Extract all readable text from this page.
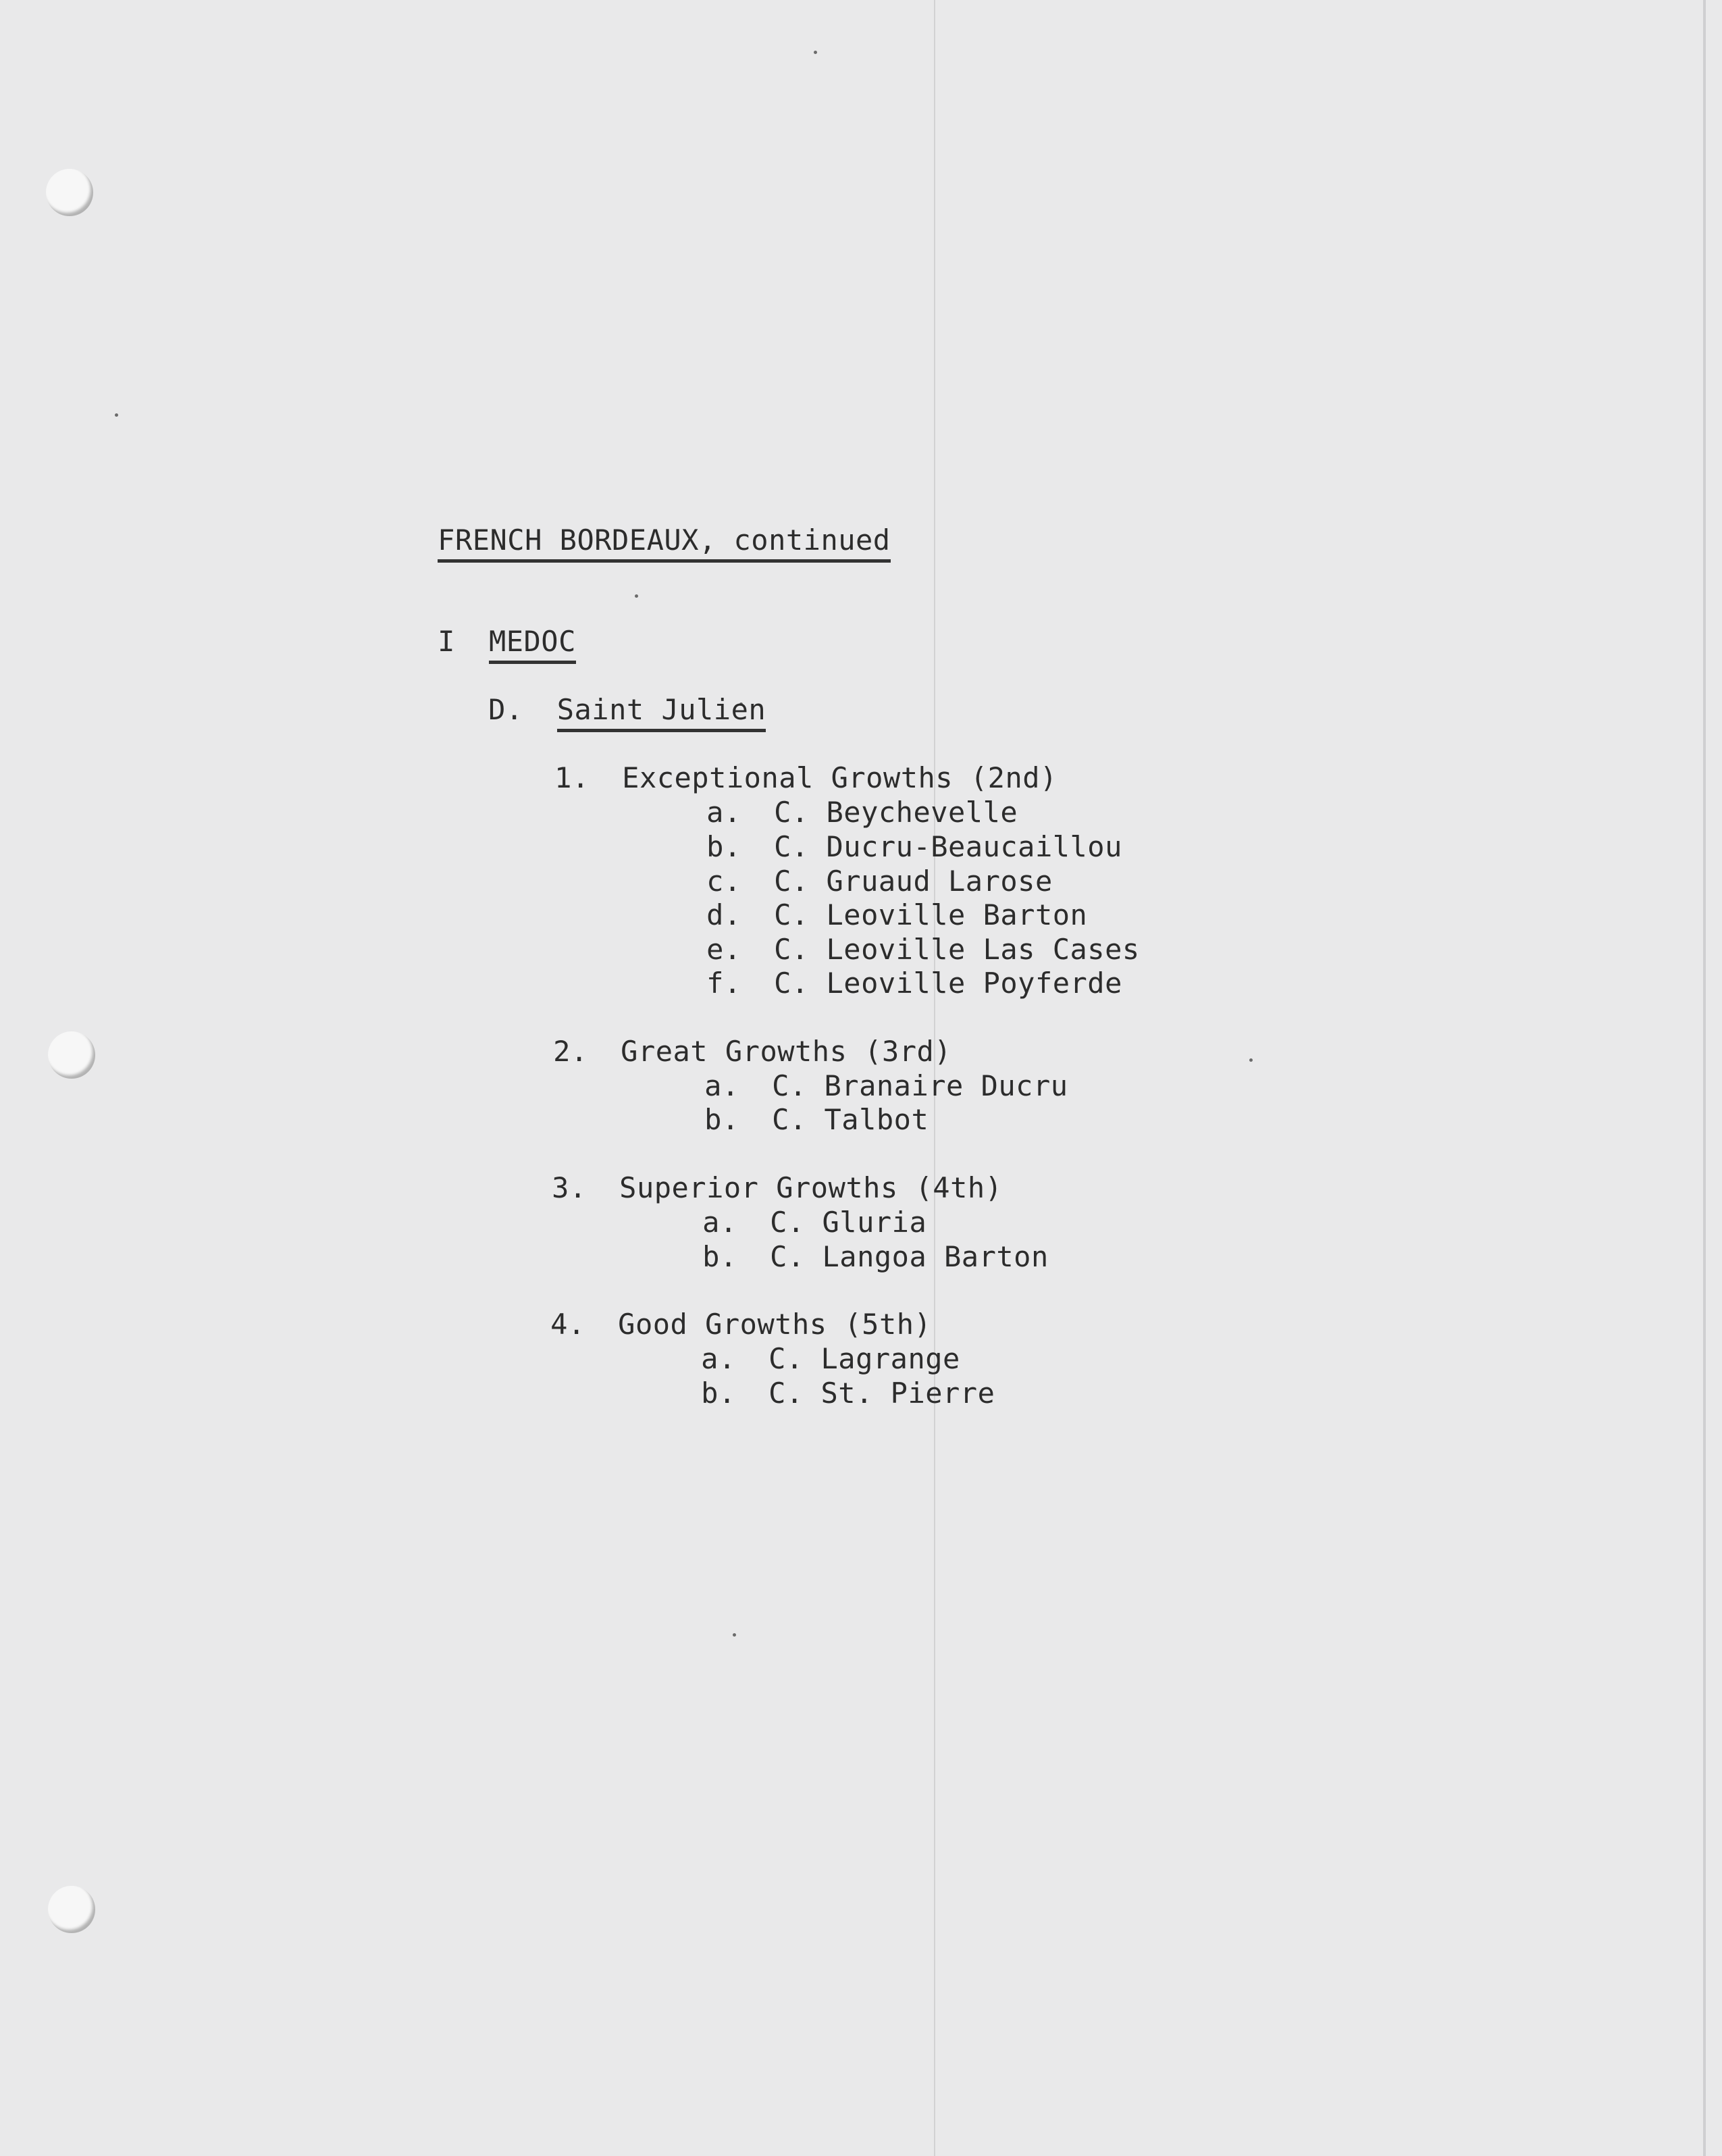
FRENCH BORDEAUX, continued

I MEDOC

D. Saint Julien

1. Exceptional Growths (2nd)

a. C. Beychevelle

b. C. Ducru-Beaucaillou

c. C. Gruaud Larose

d. C. Leoville Barton

e. C. Leoville Las Cases

f. C. Leoville Poyferde

2. Great Growths (3rd)

a. C. Branaire Ducru

b. C. Talbot

3. Superior Growths (4th)

a. C. Gluria

b. C. Langoa Barton

4. Good Growths (5th)

a. C. Lagrange

b. C. St. Pierre
